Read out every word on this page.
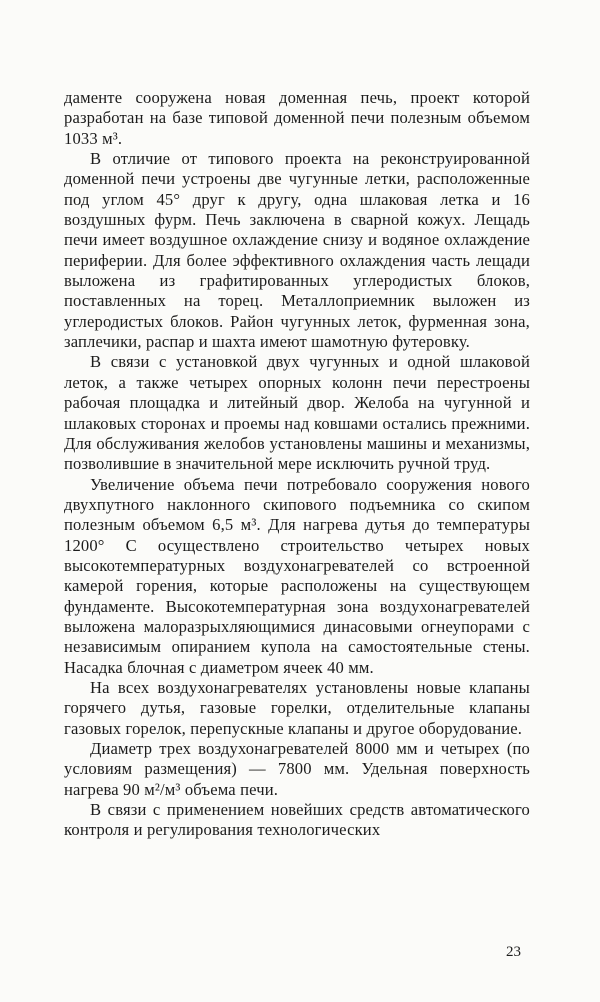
даменте сооружена новая доменная печь, проект которой разработан на базе типовой доменной печи полезным объемом 1033 м³.

В отличие от типового проекта на реконструированной доменной печи устроены две чугунные летки, расположенные под углом 45° друг к другу, одна шлаковая летка и 16 воздушных фурм. Печь заключена в сварной кожух. Лещадь печи имеет воздушное охлаждение снизу и водяное охлаждение периферии. Для более эффективного охлаждения часть лещади выложена из графитированных углеродистых блоков, поставленных на торец. Металлоприемник выложен из углеродистых блоков. Район чугунных леток, фурменная зона, заплечики, распар и шахта имеют шамотную футеровку.

В связи с установкой двух чугунных и одной шлаковой леток, а также четырех опорных колонн печи перестроены рабочая площадка и литейный двор. Желоба на чугунной и шлаковых сторонах и проемы над ковшами остались прежними. Для обслуживания желобов установлены машины и механизмы, позволившие в значительной мере исключить ручной труд.

Увеличение объема печи потребовало сооружения нового двухпутного наклонного скипового подъемника со скипом полезным объемом 6,5 м³. Для нагрева дутья до температуры 1200° С осуществлено строительство четырех новых высокотемпературных воздухонагревателей со встроенной камерой горения, которые расположены на существующем фундаменте. Высокотемпературная зона воздухонагревателей выложена малоразрыхляющимися динасовыми огнеупорами с независимым опиранием купола на самостоятельные стены. Насадка блочная с диаметром ячеек 40 мм.

На всех воздухонагревателях установлены новые клапаны горячего дутья, газовые горелки, отделительные клапаны газовых горелок, перепускные клапаны и другое оборудование.

Диаметр трех воздухонагревателей 8000 мм и четырех (по условиям размещения) — 7800 мм. Удельная поверхность нагрева 90 м²/м³ объема печи.

В связи с применением новейших средств автоматического контроля и регулирования технологических

23
